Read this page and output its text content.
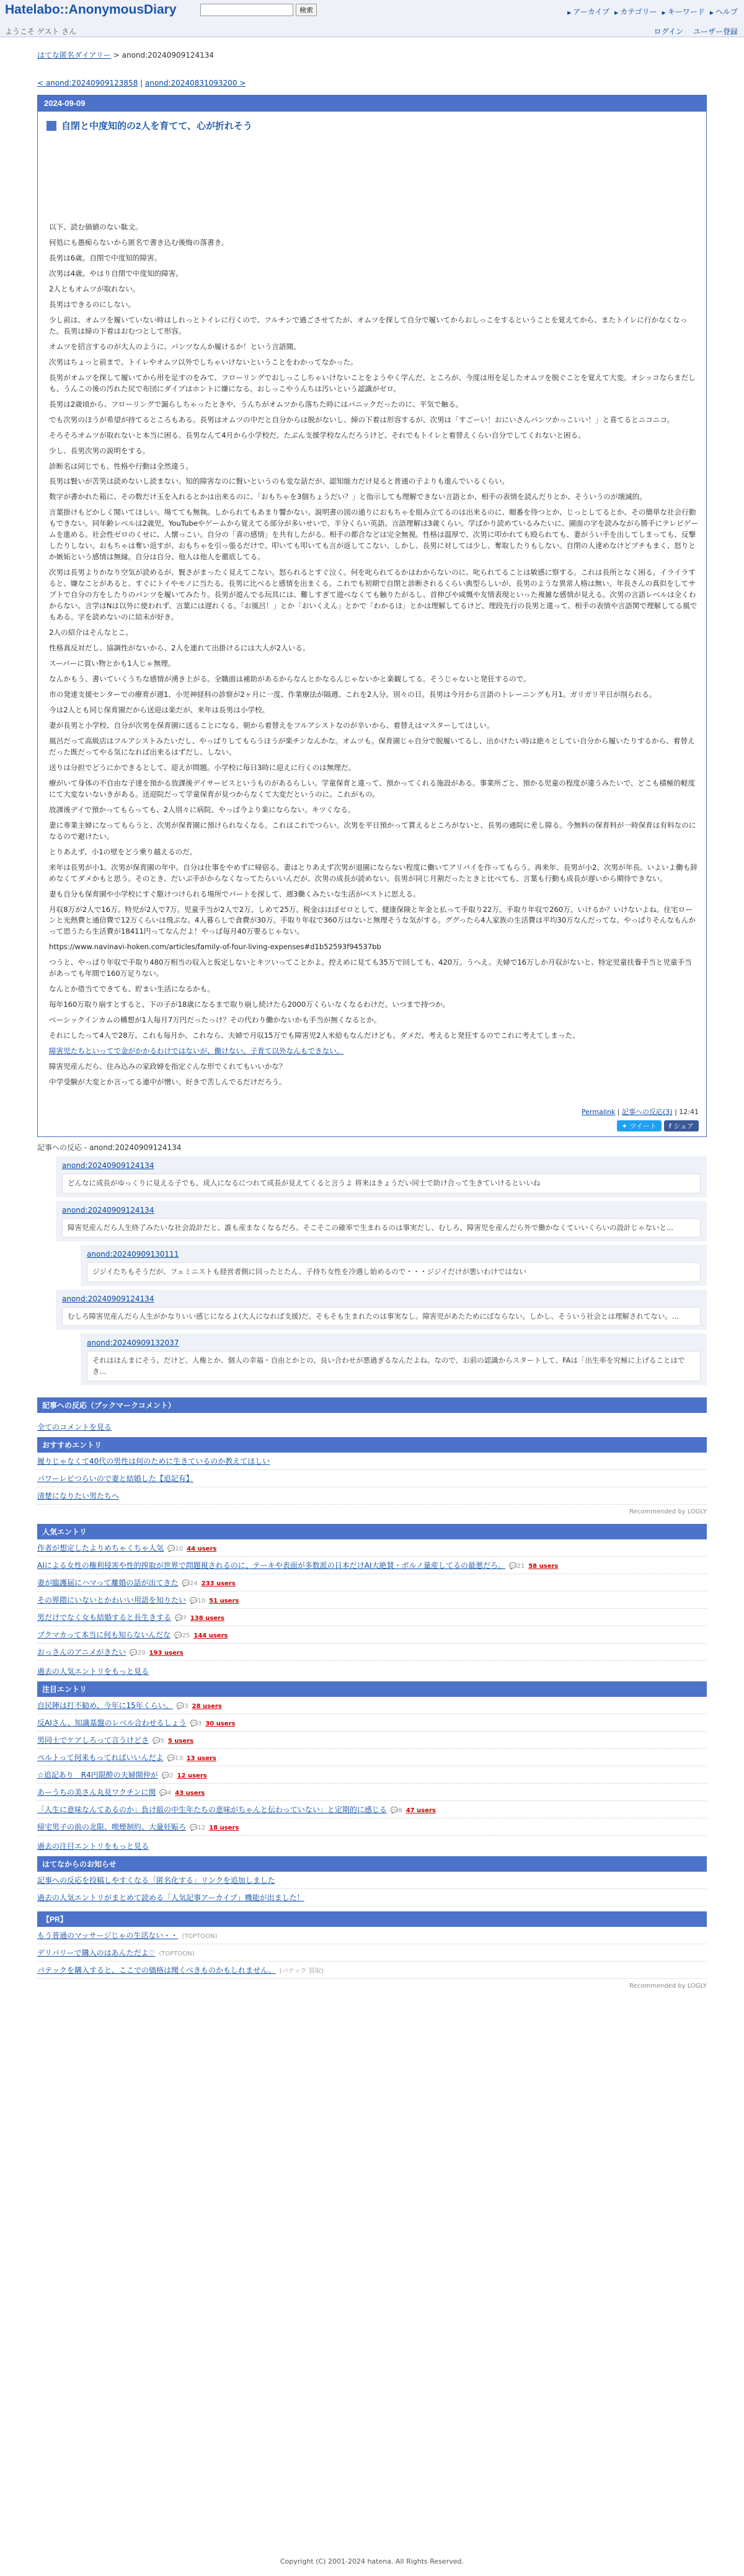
Hatelabo::AnonymousDiary
ようこそ ゲスト さん
検索	▶ アーカイブ	▶ カテゴリー	▶ キーワード	▶ ヘルプ
ログイン ユーザー登録
はてな匿名ダイアリー > anond:20240909124134
< anond:20240909123858 | anond:20240831093200 >
2024-09-09
自閉と中度知的の2人を育てて、心が折れそう

以下、読む価値のない駄文。

何処にも愚痴らないから匿名で書き込む後悔の落書き。

長男は6歳。自閉で中度知的障害。

次男は4歳。やはり自閉で中度知的障害。

2人ともオムツが取れない。

長男はできるのにしない。

少し前は、オムツを履いていない時はしれっとトイレに行くので、フルチンで過ごさせてたが、オムツを探して自分で履いてからおしっこをするということを覚えてから、またトイレに行かなくなった。長男は締の下着はおむつとして形容。

オムツを招言するのが大人のように、パンツなんか履けるか！という言語聞。

次男はちょっと前まで、トイレやオムツ以外でしちゃいけないということをわかってなかった。

長男がオムツを探して履いてから用を足すのをみて、フローリングでおしっこしちゃいけないことをようやく学んだ。ところが、今度は用を足したオムツを脱ぐことを覚えて大変。オシッコならまだしも、うんこの後の汚れた尻で布団にダイブはホントに嫌になる。おしっこやうんちは汚いという認識がゼロ。

長男は2歳頃から、フローリングで漏らしちゃったときや、うんちがオムツから落ちた時にはパニックだったのに、平気で触る。

でも次男のほうが希望が持てるところもある。長男はオムツの中だと自分からは脱がないし、締の下着は形容するが、次男は「すごーい！おにいさんパンツかっこいい！」と喜てるとニコニコ。

そろそろオムツが取れないと本当に困る。長男なんて4月から小学校だ。たぶん支援学校なんだろうけど、それでもトイレと着替えくらい自分でしてくれないと困る。

少し、長男次男の説明をする。

診断名は同じでも、性格や行動は全然違う。

長男は賢いが苦笑は読めないし読まない。知的障害なのに賢いというのも変な話だが、認知能力だけ見ると普通の子よりも進んでいるくらい。

数字が書かれた箱に、その数だけ玉を入れるとかは出来るのに、「おもちゃを3個ちょうだい？」と指示しても理解できない言語とか、相手の表情を読んだりとか、そういうのが壊滅的。

言葉掛けもどかしく聞いてほしい。場てても無執。しかられてもあまり響かない。説明書の図の通りにおもちゃを組み立てるのは出来るのに、順番を待つとか、じっとしてるとか、その簡単な社会行動もできない。同年齢レベルは2歳児。YouTubeやゲームから覚えてる部分が多いせいで、半分くらい英語。言語理解は3歳くらい。学ばかり読めているみたいに、園面の字を読みながら勝手にテレビゲームを進める。社会性ゼロのくせに、人懐っこい。自分の「喜の感情」を共有したがる。相手の都合などは完全無視。性格は温厚で、次男に叩かれても殴られても、妻がうい手を出してしまっても、反撃したりしない。おもちゃは奪い返すが、おもちゃを引っ張るだけで、叩いても叩いても言が返してこない。しかし、長男に対しては少し、奪取したりもしない。自閉の人達めなけどブチもまく、怒りとか嫉妬という感情は無縁。自分は自分、他人は他人を徹底してる。

次男は長男よりかなり空気が読めるが、賢さがまったく見えてこない。怒られるとすぐ泣く。何を叱られてるかはわからないのに、叱られてることは敏感に察する。これは長所となく困る。イライラすると、嫌なことがあると、すぐにトイやモノに当たる。長男に比べると感情を出まくる。これでも初期で自閉と診断されるくらい典型らしいが、長男のような異常人格は無い。年長さんの真似をしてサブトで自分の方をしたりのパンツを履いてみたり。長男が遊んでる玩具には、難しすぎて遊べなくても触りたがるし、首伸びや咸慨や友情表現といった複雑な感情が見える。次男の言語レベルは全くわからない。言学はNは以外に使われず、言葉には遅れくる。「お風呂！」とか「おいくえん」とかで「わかるほ」とかは理解してるけど、理段先行の長男と違って、相手の表情や言語関で理解してる風でもある。字を読めないのに結末が好き。

2人の紹介はそんなとこ。

性格真反対だし、協調性がないから、2人を連れて出掛けるには大人が2人いる。

スーパーに買い物とかも1人じゃ無理。

なんかもう、書いていくうちな感情が湧き上がる。全職面は補助があるからなんとかなるんじゃないかと楽観してる。そうじゃないと発狂するので。

市の発達支援センターでの療育が週1、小児神経科の診察が2ヶ月に一度、作業療法が隔週、これを2人分。別々の日。長男は今月から言語のトレーニングも月1。ガリガリ平日が削られる。

今は2人とも同じ保育園だから送迎は楽だが、来年は長男は小学校。

妻が長男と小学校、自分が次男を保育園に送ることになる。朝から着替えをフルアシストなのが辛いから、着替えはマスターしてほしい。

風呂だって高級店はフルアシストみたいだし、やっぱりしてもらうほうが楽チンなんかな。オムツも。保育園じゃ自分で脱履いてるし、出かけたい時は絶々としてい自分から履いたりするから、着替えだった既だってやる気になれば出来るはずだし、しない。

送りは分担でどうにかできるとして、迎えが問題。小学校に毎日3時に迎えに行くのは無理だ。

療がいて身体の不自由な子達を預かる放課後デイサービスというものがあるらしい。学童保育と違って、預かってくれる施設がある。事業所ごと、預かる児童の程度が違うみたいで、どこも積極的軽度にて大変ないないきがある。送迎院だって学童保育が見つからなくて大変だというのに。これがもの。

放課後デイで預かってもらっても、2人別々に病院、やっぱ今より楽にならない。キツくなる。

妻に専業主婦になってもらうと、次男が保育園に預けられなくなる。これはこれでつらい。次男を平日預かって貰えるところがないと、長男の通院に差し障る。今無料の保育料が一時保育は有料なのになるので避けたい。

とりあえず、小1の壁をどう乗り越えるのだ。

来年は長男が小1、次男が保育園の年中。自分は仕事をやめずに帰宿る。妻はとりあえず次男が退園にならない程度に働いてアリバイを作ってもらう。再来年、長男が小2、次男が年長。いよいよ働も辞めなくてダメかもと思う。そのとき、だいぶ手がからなくなってたらいいんだが、次男の成長が読めない。長男が同じ月割だったときと比べても、言葉も行動も成長が遅いから期待できない。

妻も自分も保育園や小学校にすぐ駆けつけられる場所でパートを探して、週3働くみたいな生活がベストに思える。

月収8万が2人で16万。特児が2人で7万。児童手当が2人で2万。しめて25万。税金はほぼゼロとして、健康保険と年金と払って手取り22万。手取り年収で260万。いけるか？いけないよね。住宅ローンと光熱費と通信費で12万くらいは飛ぶな。4人暮らしで食費が30万。手取り年収で360万はないと無理そうな気がする。ググったら4人家族の生活費は平均30万なんだってな。やっぱりそんなもんかって思うたら生活費が18411円ってなんだよ！やっぱ毎月40万要るじゃない。

https://www.navinavi-hoken.com/articles/family-of-four-living-expenses#d1b52593f94537bb

つうと、やっぱり年収で手取り480万相当の収入と仮定しないとキツいってことかよ。控えめに見ても35万で回しても、420万。うへえ。夫婦で16万しか月収がないと、特定児童扶養手当と児童手当があっても年間で160万足りない。

なんとか借当てできても、貯まい生活になるかも。

毎年160万取り崩すとすると、下の子が18歳になるまで取り崩し続けたら2000万くらいなくなるわけだ。いつまで持つか。

ベーシックインカムの構想が1人毎月7万円だったっけ？その代わり働かないかも手当が無くなるとか。

それにしたって4人で28万。これも毎月か。これなら、夫婦で月収15万でも障害児2人米給もなんだけども。ダメだ。考えると発狂するのでこれに考えてしまった。

障害児たちといってで金がかかるわけではないが、働けない。子育て以外なんもできない。

障害児産んだら、住み込みの家政婦を指定ぐんな形でくれてもいいかな？

中学受験が大変とか言ってる連中が憎い。好きで苦しんでるだけだろう。

Permalink | 記事への反応(3) | 12:41
✦ ツイート f シェア
記事への反応 - anond:20240909124134
anond:20240909124134
どんなに成長がゆっくりに見える子でも、成人になるにつれて成長が見えてくると言うよ 将来はきょうだい同士で助け合って生きていけるといいね
anond:20240909124134
障害児産んだら人生終了みたいな社会設計だと、誰も産まなくなるだろ。そこそこの確率で生まれるのは事実だし、むしろ、障害児を産んだら外で働かなくていいくらいの設計じゃないと...
anond:20240909130111
ジジイたちもそうだが、フェミニストも経営者側に回ったとたん、子持ち女性を冷遇し始めるので・・・ジジイだけが悪いわけではない
anond:20240909124134
むしろ障害児産んだら人生がかなりいい感じになるよ(大人になれば支援)だ。そもそも生まれたのは事実なし。障害児があたためにばならない。しかし、そういう社会とは理解されてない。...
anond:20240909132037
それはほんまにそう。だけど、人権とか、個人の幸福・自由とかとの、良い合わせが悪過ぎるなんだよね。なので、お前の認識からスタートして、FAは「出生率を究極に上げることはでき...
記事への反応（ブックマークコメント）
全てのコメントを見る
おすすめエントリ
履りじゃなくて40代の男性は何のために生きているのか教えてほしい
パワーレビつらいので妻と結婚した【追記有】
清楚になりたい男たちへ
Recommended by LOGLY
人気エントリ
作者が想定したよりめちゃくちゃ人気 💬10 44 users
AIによる女性の権利侵害や性的搾取が世界で問題視されるのに、テーキや表面が多数派の日本だけAI大絶賛・ポルノ量産してるの最悪だろ。 💬21 58 users
妻が臨護届にハマって離婚の話が出てきた 💬24 233 users
その界隈にいないとかわいい用語を知りたい 💬10 51 users
男だけでなく女も結婚すると長生きする 💬7 138 users
ブクマカって本当に何も知らないんだな 💬25 144 users
おっさんのアニメがきたい 💬29 193 users
過去の人気エントリをもっと見る
注目エントリ
自民陣は打不勧め、今年に15年くらい。 💬3 28 users
反AIさん、知識基盤のレベル合わせるしょう 💬3 30 users
男同士でケアしろって言うけどさ 💬5 5 users
ペルトって何来もってればいいんだよ 💬13 13 users
☆追記あり　R4円限酔の夫婦開仲が 💬2 12 users
あーうちの美さん丸見ワクチンに関 💬4 43 users
「人生に意味なんてあるのか」負け組の中生年たちの意味がちゃんと伝わっていない」と定期的に感じる 💬8 47 users
帰宅男子の前の北限、喫煙制約、大量妊娠ろ 💬12 18 users
過去の注目エントリをもっと見る
はてなからのお知らせ
記事への反応を投稿しやすくなる「匿名化する」リンクを追加しました
過去の人気エントリがまとめて読める「人気記事アーカイブ」機能が出ました！
【PR】
もう普通のマッサージじゃの生活ない・・ (TOPTOON)
デリバリーで購入のはあんただよ♡ (TOPTOON)
パテックを購入すると、ここでの価格は聞くべきものかもしれません。 (パテック 買取)
Recommended by LOGLY
Copyright (C) 2001-2024 hatena. All Rights Reserved.
